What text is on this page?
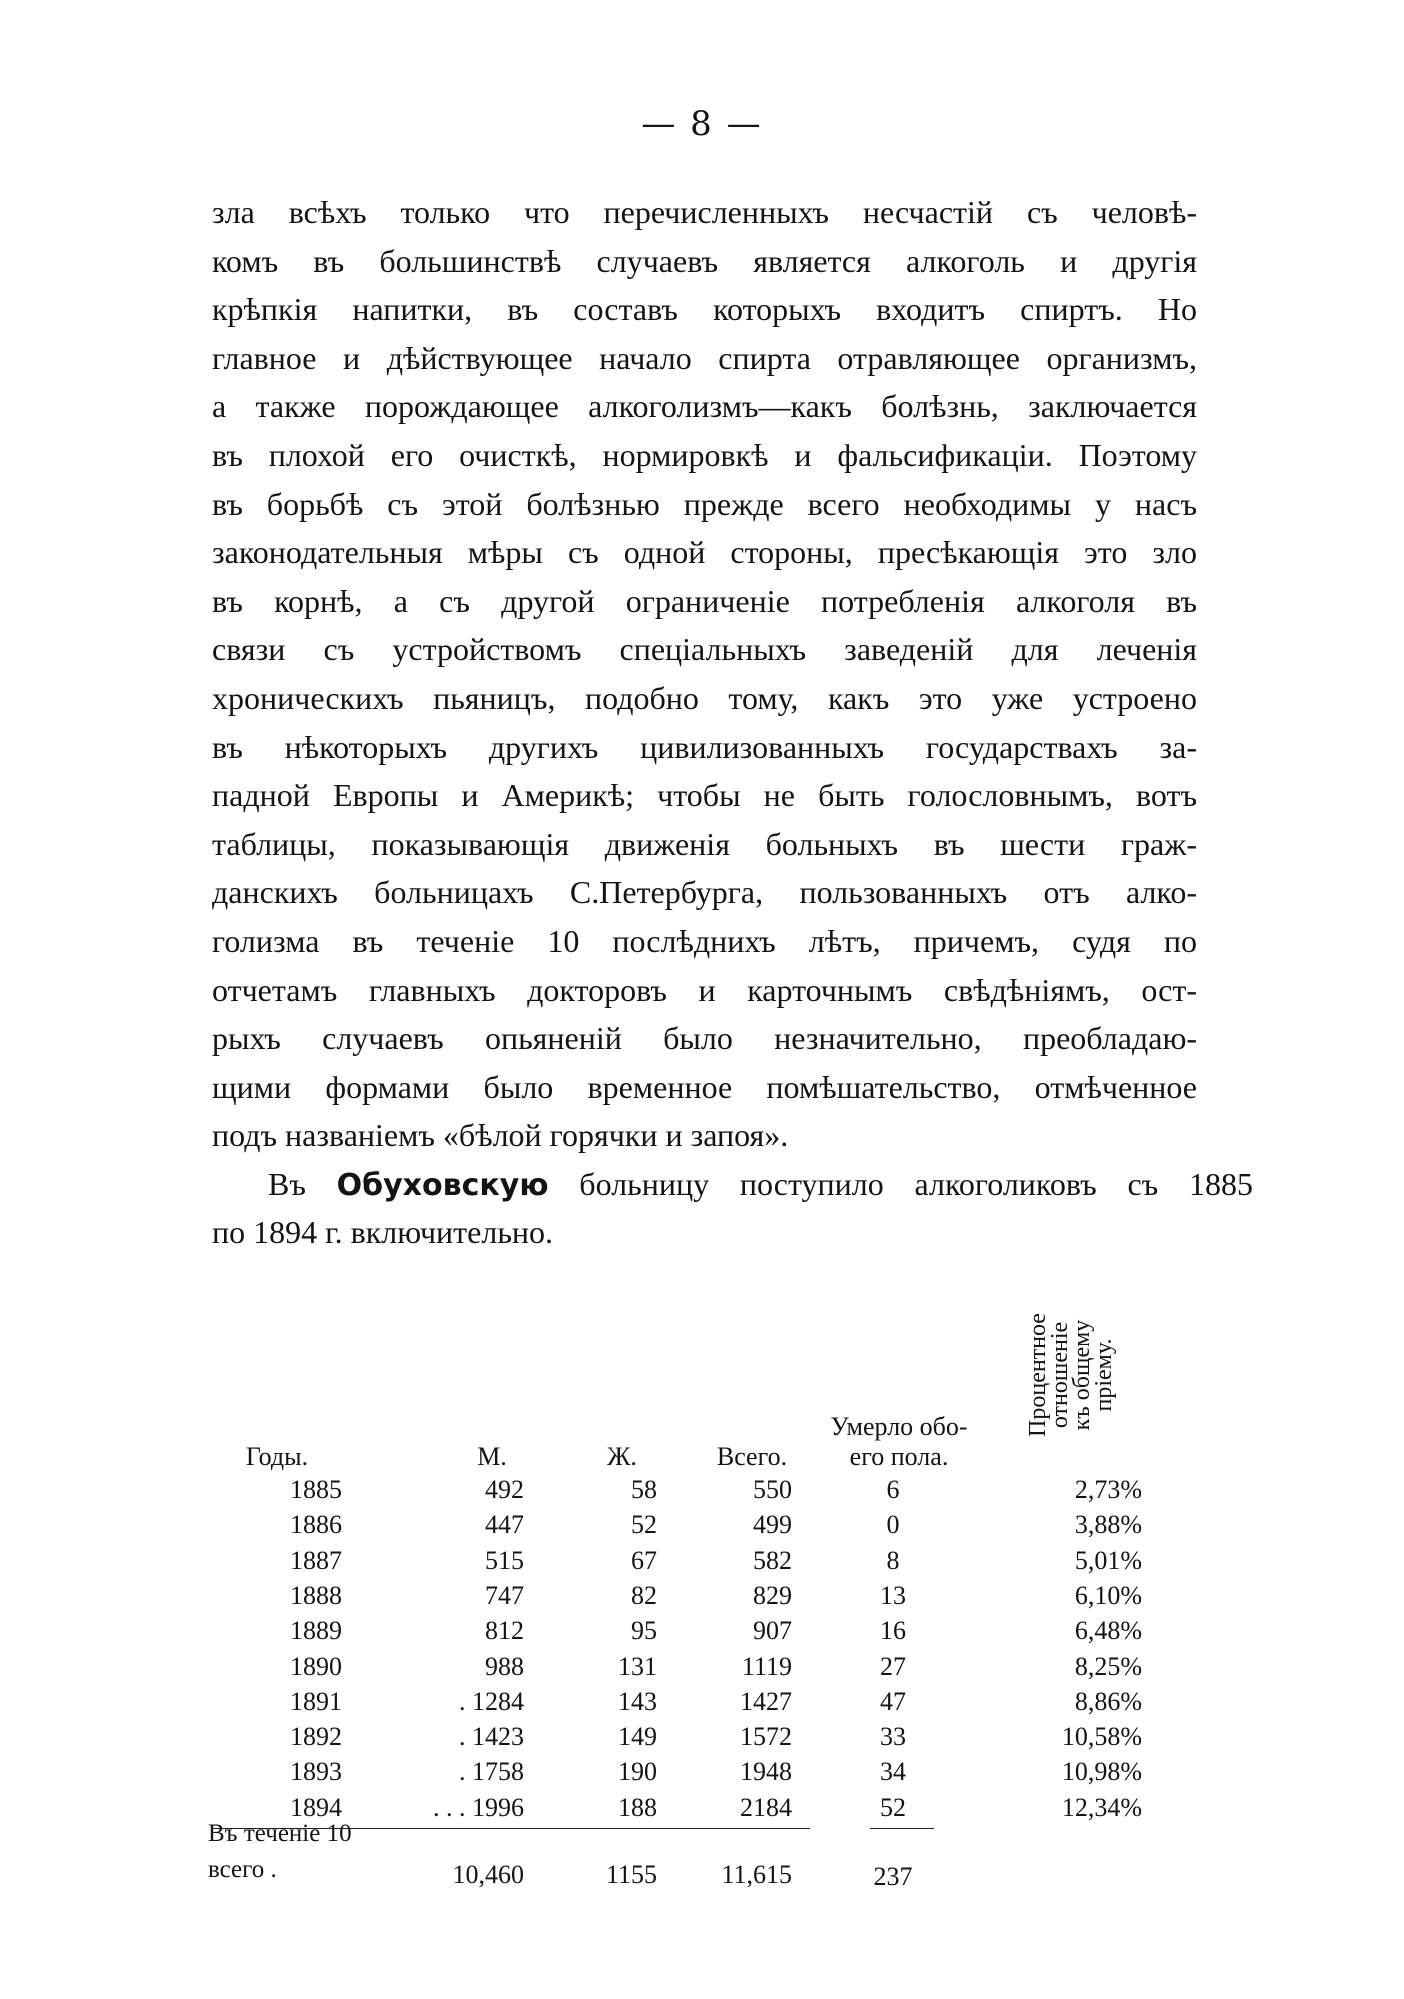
— 8 —
Въ Обуховскую больницу поступило алкоголиковъ съ 1885
по 1894 г. включительно.
зла всѣхъ только что перечисленныхъ несчастій съ человѣ-
комъ въ большинствѣ случаевъ является алкоголь и другія
крѣпкія напитки, въ составъ которыхъ входитъ спиртъ. Но
главное и дѣйствующее начало спирта отравляющее организмъ,
а также порождающее алкоголизмъ—какъ болѣзнь, заключается
въ плохой его очисткѣ, нормировкѣ и фальсификаціи. Поэтому
въ борьбѣ съ этой болѣзнью прежде всего необходимы у насъ
законодательныя мѣры съ одной стороны, пресѣкающія это зло
въ корнѣ, а съ другой ограниченіе потребленія алкоголя въ
связи съ устройствомъ спеціальныхъ заведеній для леченія
хроническихъ пьяницъ, подобно тому, какъ это уже устроено
въ нѣкоторыхъ другихъ цивилизованныхъ государствахъ за-
падной Европы и Америкѣ; чтобы не быть голословнымъ, вотъ
таблицы, показывающія движенія больныхъ въ шести граж-
данскихъ больницахъ С.Петербурга, пользованныхъ отъ алко-
голизма въ теченіе 10 послѣднихъ лѣтъ, причемъ, судя по
отчетамъ главныхъ докторовъ и карточнымъ свѣдѣніямъ, ост-
рыхъ случаевъ опьяненій было незначительно, преобладаю-
щими формами было временное помѣшательство, отмѣченное
подъ названіемъ «бѣлой горячки и запоя».
Годы.	М.	Ж.	Всего.
Умерло обо-
его пола.
Процентное
отношеніе
къ общему
пріему.
1885	492	58	550	6	2,73%
1886	447	52	499	0	3,88%
1887	515	67	582	8	5,01%
1888	747	82	829	13	6,10%
1889	812	95	907	16	6,48%
1890	988	131	1119	27	8,25%
1891	. 1284	143	1427	47	8,86%
1892	. 1423	149	1572	33	10,58%
1893	. 1758	190	1948	34	10,98%
1894	. . . 1996	188	2184	52	12,34%
Въ теченіе 10
всего .	10,460	1155	11,615	237
